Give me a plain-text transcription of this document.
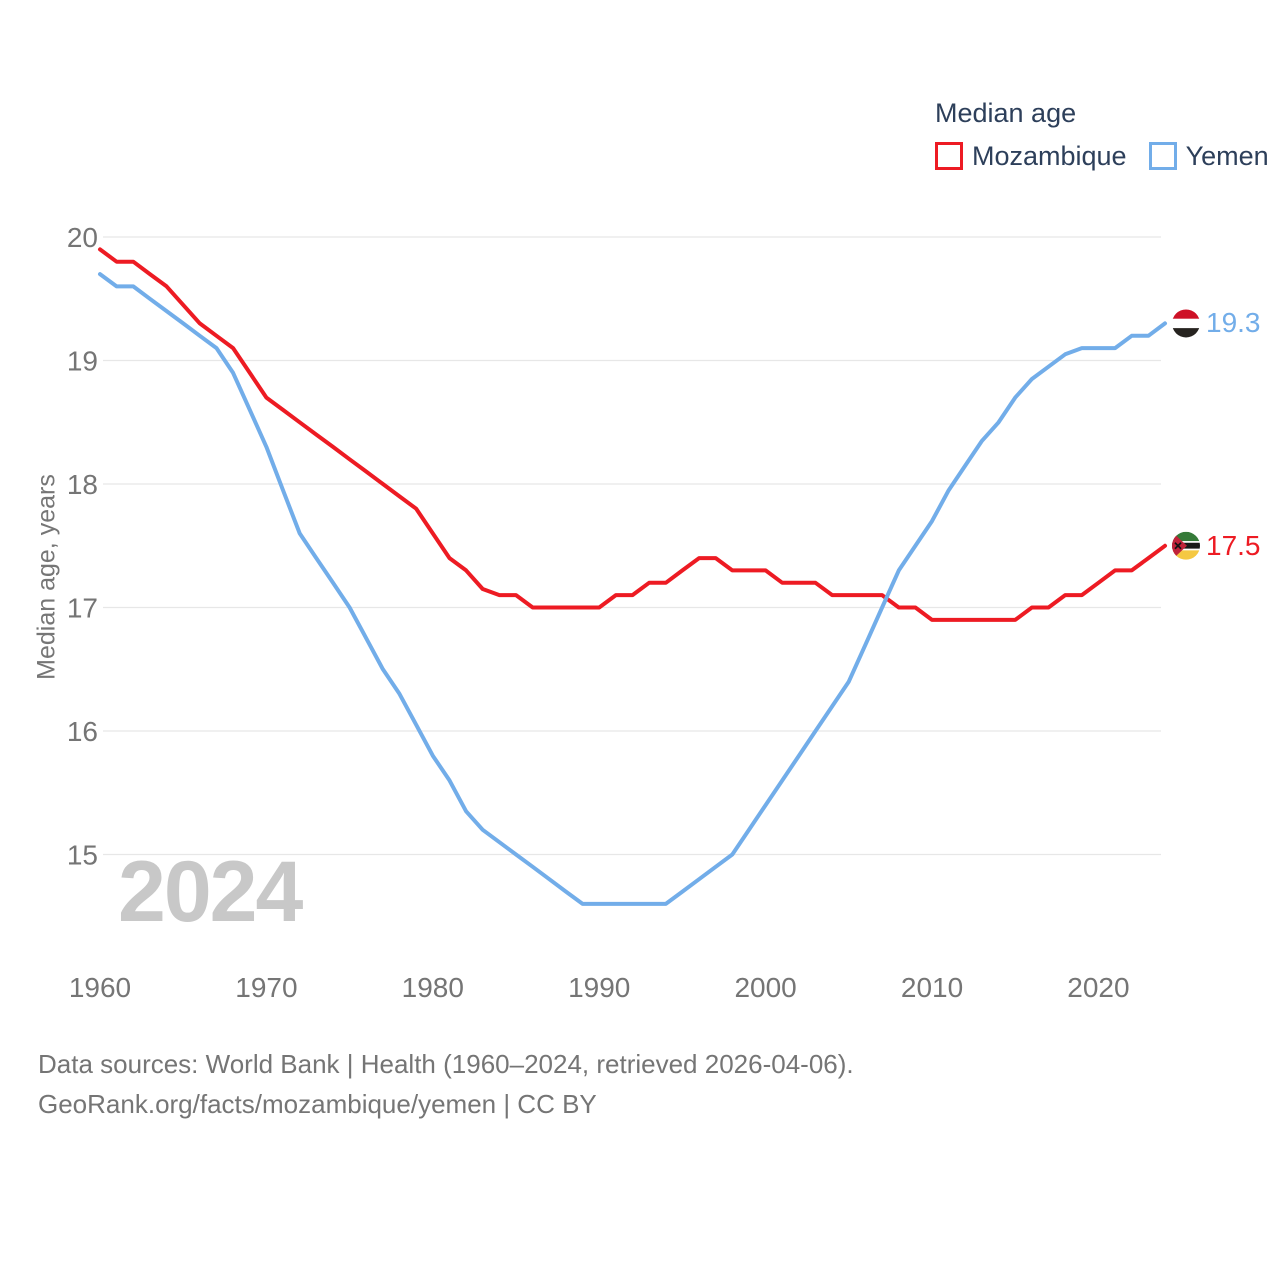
15
16
17
18
19
20
1960	1970	1980	1990	2000	2010	2020
Median age
Mozambique Yemen
Median age, years
2024
19.3
17.5
Data sources: World Bank | Health (1960–2024, retrieved 2026-04-06).
GeoRank.org/facts/mozambique/yemen | CC BY
